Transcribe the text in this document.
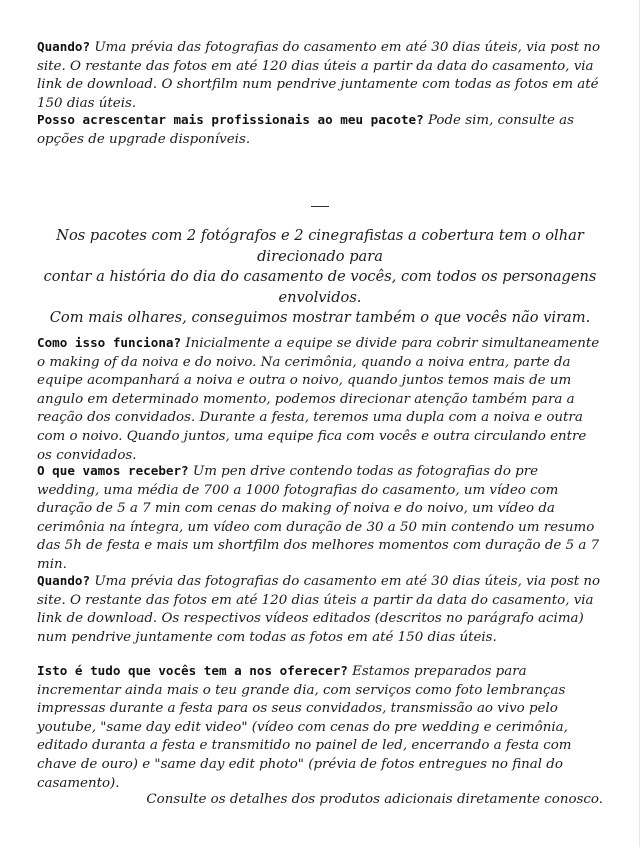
Quando? Uma prévia das fotografias do casamento em até 30 dias úteis, via post no site. O restante das fotos em até 120 dias úteis a partir da data do casamento, via link de download. O shortfilm num pendrive juntamente com todas as fotos em até 150 dias úteis.

Posso acrescentar mais profissionais ao meu pacote? Pode sim, consulte as opções de upgrade disponíveis.

Nos pacotes com 2 fotógrafos e 2 cinegrafistas a cobertura tem o olhar direcionado para
contar a história do dia do casamento de vocês, com todos os personagens envolvidos.
Com mais olhares, conseguimos mostrar também o que vocês não viram.

Como isso funciona? Inicialmente a equipe se divide para cobrir simultaneamente o making of da noiva e do noivo. Na cerimônia, quando a noiva entra, parte da equipe acompanhará a noiva e outra o noivo, quando juntos temos mais de um angulo em determinado momento, podemos direcionar atenção também para a reação dos convidados. Durante a festa, teremos uma dupla com a noiva e outra com o noivo. Quando juntos, uma equipe fica com vocês e outra circulando entre os convidados.

O que vamos receber? Um pen drive contendo todas as fotografias do pre wedding, uma média de 700 a 1000 fotografias do casamento, um vídeo com duração de 5 a 7 min com cenas do making of noiva e do noivo, um vídeo da cerimônia na íntegra, um vídeo com duração de 30 a 50 min contendo um resumo das 5h de festa e mais um shortfilm dos melhores momentos com duração de 5 a 7 min.

Quando? Uma prévia das fotografias do casamento em até 30 dias úteis, via post no site. O restante das fotos em até 120 dias úteis a partir da data do casamento, via link de download. Os respectivos vídeos editados (descritos no parágrafo acima) num pendrive juntamente com todas as fotos em até 150 dias úteis.

Isto é tudo que vocês tem a nos oferecer? Estamos preparados para incrementar ainda mais o teu grande dia, com serviços como foto lembranças impressas durante a festa para os seus convidados, transmissão ao vivo pelo youtube, "same day edit video" (vídeo com cenas do pre wedding e cerimônia, editado duranta a festa e transmitido no painel de led, encerrando a festa com chave de ouro) e "same day edit photo" (prévia de fotos entregues no final do casamento).

Consulte os detalhes dos produtos adicionais diretamente conosco.
